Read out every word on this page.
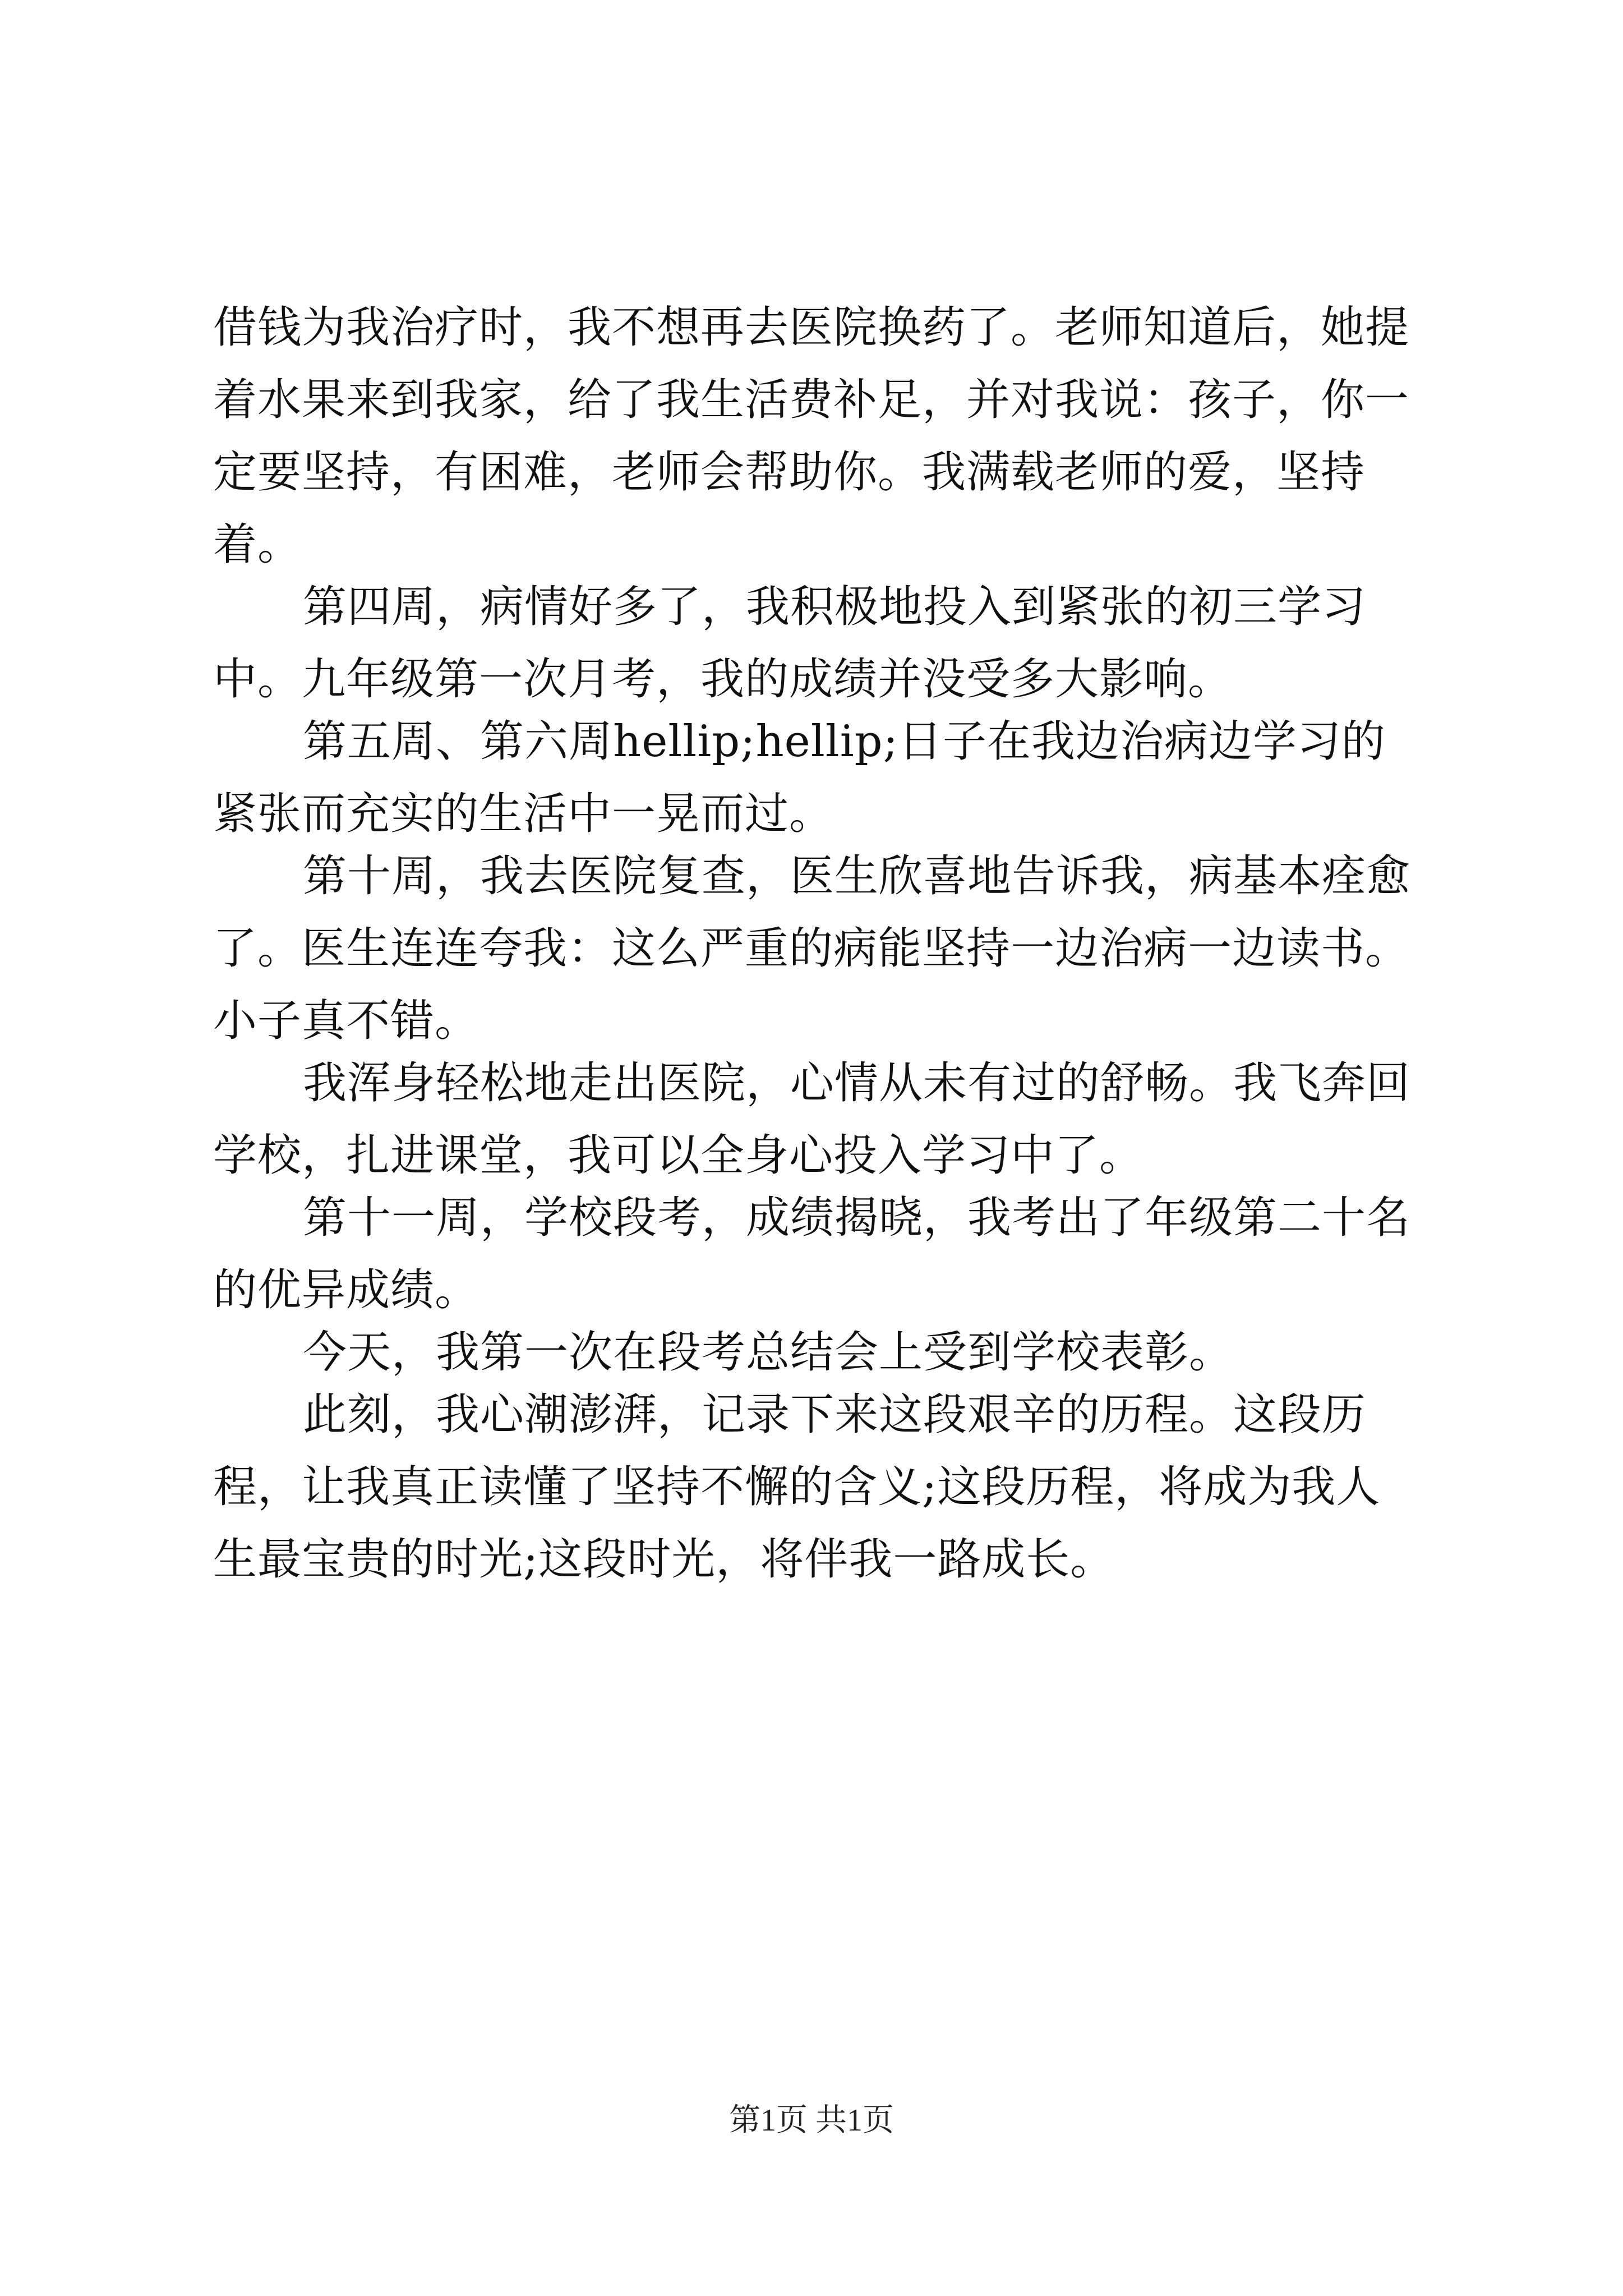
借钱为我治疗时，我不想再去医院换药了。老师知道后，她提着水果来到我家，给了我生活费补足，并对我说：孩子，你一定要坚持，有困难，老师会帮助你。我满载老师的爱，坚持着。

第四周，病情好多了，我积极地投入到紧张的初三学习中。九年级第一次月考，我的成绩并没受多大影响。

第五周、第六周hellip;hellip;日子在我边治病边学习的紧张而充实的生活中一晃而过。

第十周，我去医院复查，医生欣喜地告诉我，病基本痊愈了。医生连连夸我：这么严重的病能坚持一边治病一边读书。小子真不错。

我浑身轻松地走出医院，心情从未有过的舒畅。我飞奔回学校，扎进课堂，我可以全身心投入学习中了。

第十一周，学校段考，成绩揭晓，我考出了年级第二十名的优异成绩。

今天，我第一次在段考总结会上受到学校表彰。

此刻，我心潮澎湃，记录下来这段艰辛的历程。这段历程，让我真正读懂了坚持不懈的含义;这段历程，将成为我人生最宝贵的时光;这段时光，将伴我一路成长。

第1页 共1页
